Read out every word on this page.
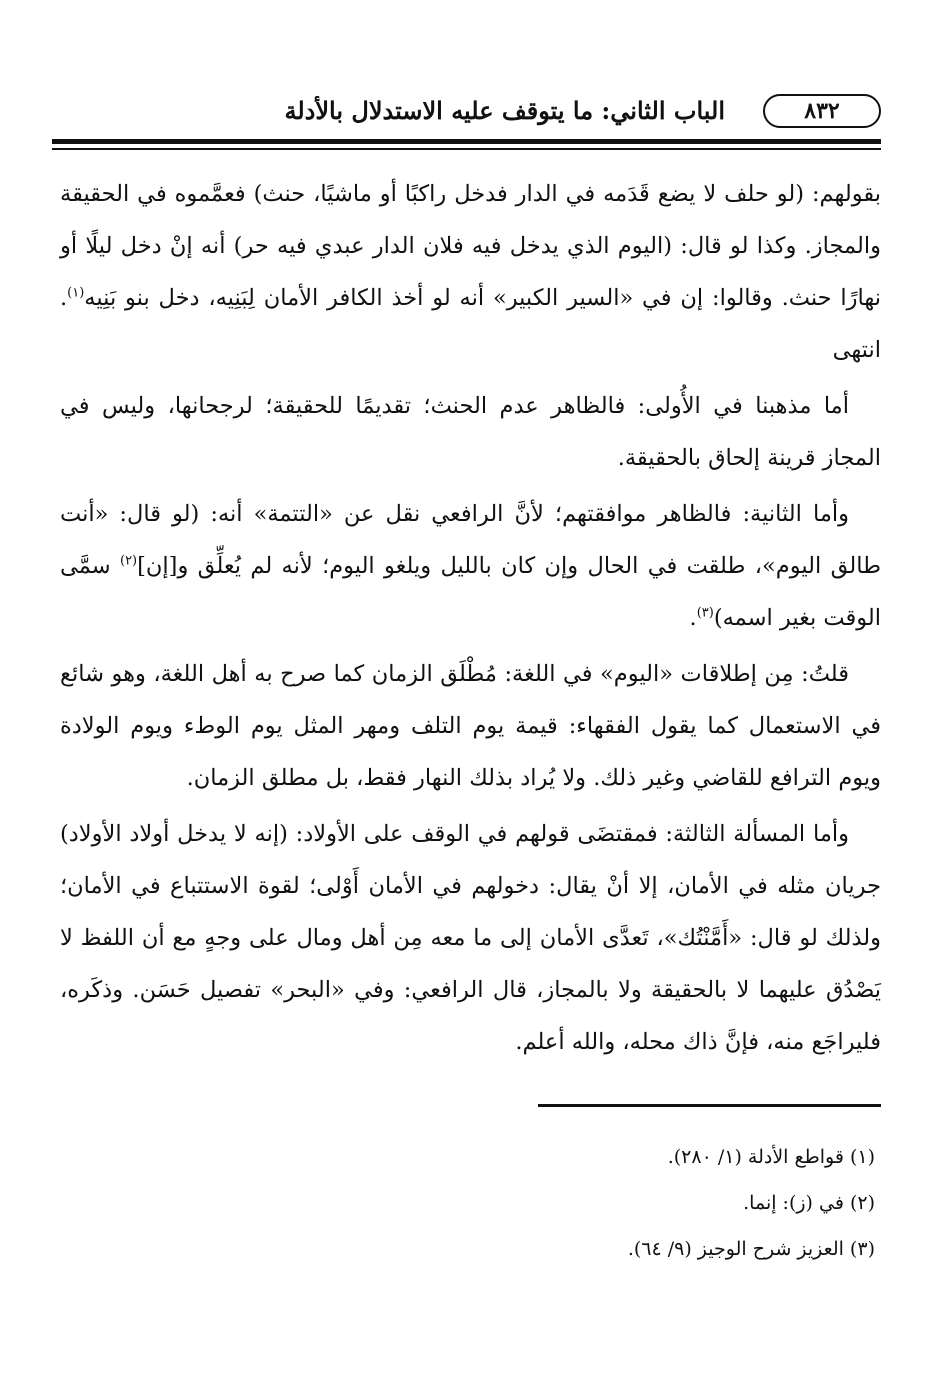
٨٣٢
الباب الثاني: ما يتوقف عليه الاستدلال بالأدلة

بقولهم: (لو حلف لا يضع قَدَمه في الدار فدخل راكبًا أو ماشيًا، حنث) فعمَّموه في الحقيقة والمجاز. وكذا لو قال: (اليوم الذي يدخل فيه فلان الدار عبدي فيه حر) أنه إنْ دخل ليلًا أو نهارًا حنث. وقالوا: إن في «السير الكبير» أنه لو أخذ الكافر الأمان لِبَنِيه، دخل بنو بَنِيه$^{(١)}$. انتهى

أما مذهبنا في الأُولى: فالظاهر عدم الحنث؛ تقديمًا للحقيقة؛ لرجحانها، وليس في المجاز قرينة إلحاق بالحقيقة.

وأما الثانية: فالظاهر موافقتهم؛ لأنَّ الرافعي نقل عن «التتمة» أنه: (لو قال: «أنت طالق اليوم»، طلقت في الحال وإن كان بالليل ويلغو اليوم؛ لأنه لم يُعلِّق و[إن]$^{(٢)}$ سمَّى الوقت بغير اسمه)$^{(٣)}$.

قلتُ: مِن إطلاقات «اليوم» في اللغة: مُطْلَق الزمان كما صرح به أهل اللغة، وهو شائع في الاستعمال كما يقول الفقهاء: قيمة يوم التلف ومهر المثل يوم الوطء ويوم الولادة ويوم الترافع للقاضي وغير ذلك. ولا يُراد بذلك النهار فقط، بل مطلق الزمان.

وأما المسألة الثالثة: فمقتضَى قولهم في الوقف على الأولاد: (إنه لا يدخل أولاد الأولاد) جريان مثله في الأمان، إلا أنْ يقال: دخولهم في الأمان أَوْلى؛ لقوة الاستتباع في الأمان؛ ولذلك لو قال: «أَمَّنْتُك»، تَعدَّى الأمان إلى ما معه مِن أهل ومال على وجهٍ مع أن اللفظ لا يَصْدُق عليهما لا بالحقيقة ولا بالمجاز، قال الرافعي: وفي «البحر» تفصيل حَسَن. وذكَره، فليراجَع منه، فإنَّ ذاك محله، والله أعلم.

(١) قواطع الأدلة (١/ ٢٨٠).
(٢) في (ز): إنما.
(٣) العزيز شرح الوجيز (٩/ ٦٤).
